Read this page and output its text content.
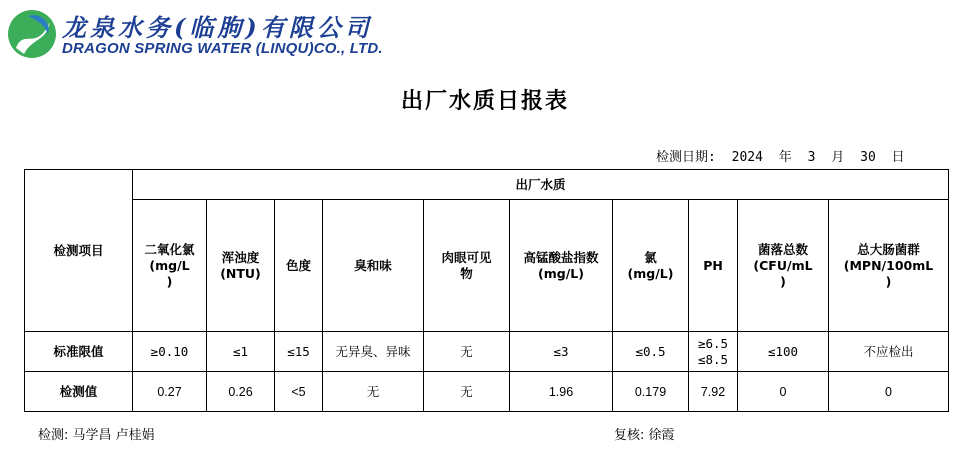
龙泉水务(临朐)有限公司
DRAGON SPRING WATER (LINQU)CO., LTD.
出厂水质日报表
检测日期: 2024 年 3 月 30 日
检测项目	出厂水质									
	二氧化氯
(mg/L
)	浑浊度
(NTU)	色度	臭和味	肉眼可见
物	高锰酸盐指数
(mg/L)	氯
(mg/L)	PH	菌落总数
(CFU/mL
)	总大肠菌群
(MPN/100mL
)
标准限值	≥0.10	≤1	≤15	无异臭、异味	无	≤3	≤0.5	≥6.5
≤8.5	≤100	不应检出
检测值	0.27	0.26	<5	无	无	1.96	0.179	7.92	0	0
检测: 马学昌 卢桂娟	复核: 徐霞
